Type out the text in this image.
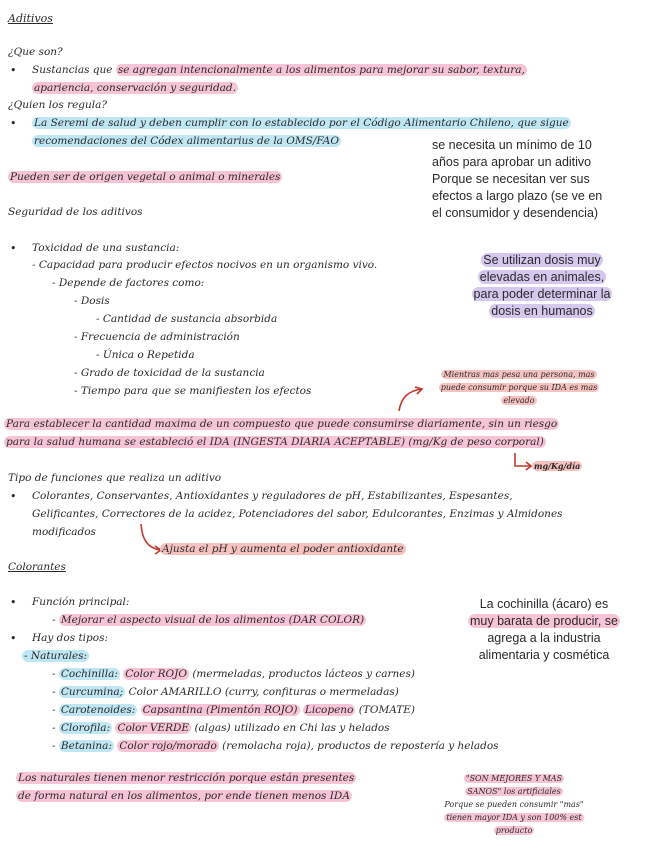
Aditivos
¿Que son?
• Sustancias que se agregan intencionalmente a los alimentos para mejorar su sabor, textura,
apariencia, conservación y seguridad.
¿Quien los regula?
• La Seremi de salud y deben cumplir con lo establecido por el Código Alimentario Chileno, que sigue
recomendaciones del Códex alimentarius de la OMS/FAO	se necesita un mínimo de 10
años para aprobar un aditivo
Porque se necesitan ver sus
efectos a largo plazo (se ve en
el consumidor y desendencia)
Pueden ser de origen vegetal o animal o minerales
Seguridad de los aditivos
• Toxicidad de una sustancia:
- Capacidad para producir efectos nocivos en un organismo vivo.
- Depende de factores como:
- Dosis
- Cantidad de sustancia absorbida
- Frecuencia de administración
- Única o Repetida
- Grado de toxicidad de la sustancia
- Tiempo para que se manifiesten los efectos
Se utilizan dosis muy
elevadas en animales,
para poder determinar la
dosis en humanos
Mientras mas pesa una persona, mas
puede consumir porque su IDA es mas
elevado
Para establecer la cantidad maxima de un compuesto que puede consumirse diariamente, sin un riesgo
para la salud humana se estableció el IDA (INGESTA DIARIA ACEPTABLE) (mg/Kg de peso corporal)
mg/Kg/día
Tipo de funciones que realiza un aditivo
• Colorantes, Conservantes, Antioxidantes y reguladores de pH, Estabilizantes, Espesantes,
Gelificantes, Correctores de la acidez, Potenciadores del sabor, Edulcorantes, Enzimas y Almidones
modificados
Ajusta el pH y aumenta el poder antioxidante
Colorantes
• Función principal:
- Mejorar el aspecto visual de los alimentos (DAR COLOR)
• Hay dos tipos:
- Naturales:
- Cochinilla: Color ROJO (mermeladas, productos lácteos y carnes)
- Curcumina; Color AMARILLO (curry, confituras o mermeladas)
- Carotenoides: Capsantina (Pimentón ROJO) Licopeno (TOMATE)
- Clorofila: Color VERDE (algas) utilizado en Chi las y helados
- Betanina: Color rojo/morado (remolacha roja), productos de repostería y helados
La cochinilla (ácaro) es
muy barata de producir, se
agrega a la industria
alimentaria y cosmética
Los naturales tienen menor restricción porque están presentes
de forma natural en los alimentos, por ende tienen menos IDA
"SON MEJORES Y MAS
SANOS" los artificiales
Porque se pueden consumir "mas"
tienen mayor IDA y son 100% est
producto
